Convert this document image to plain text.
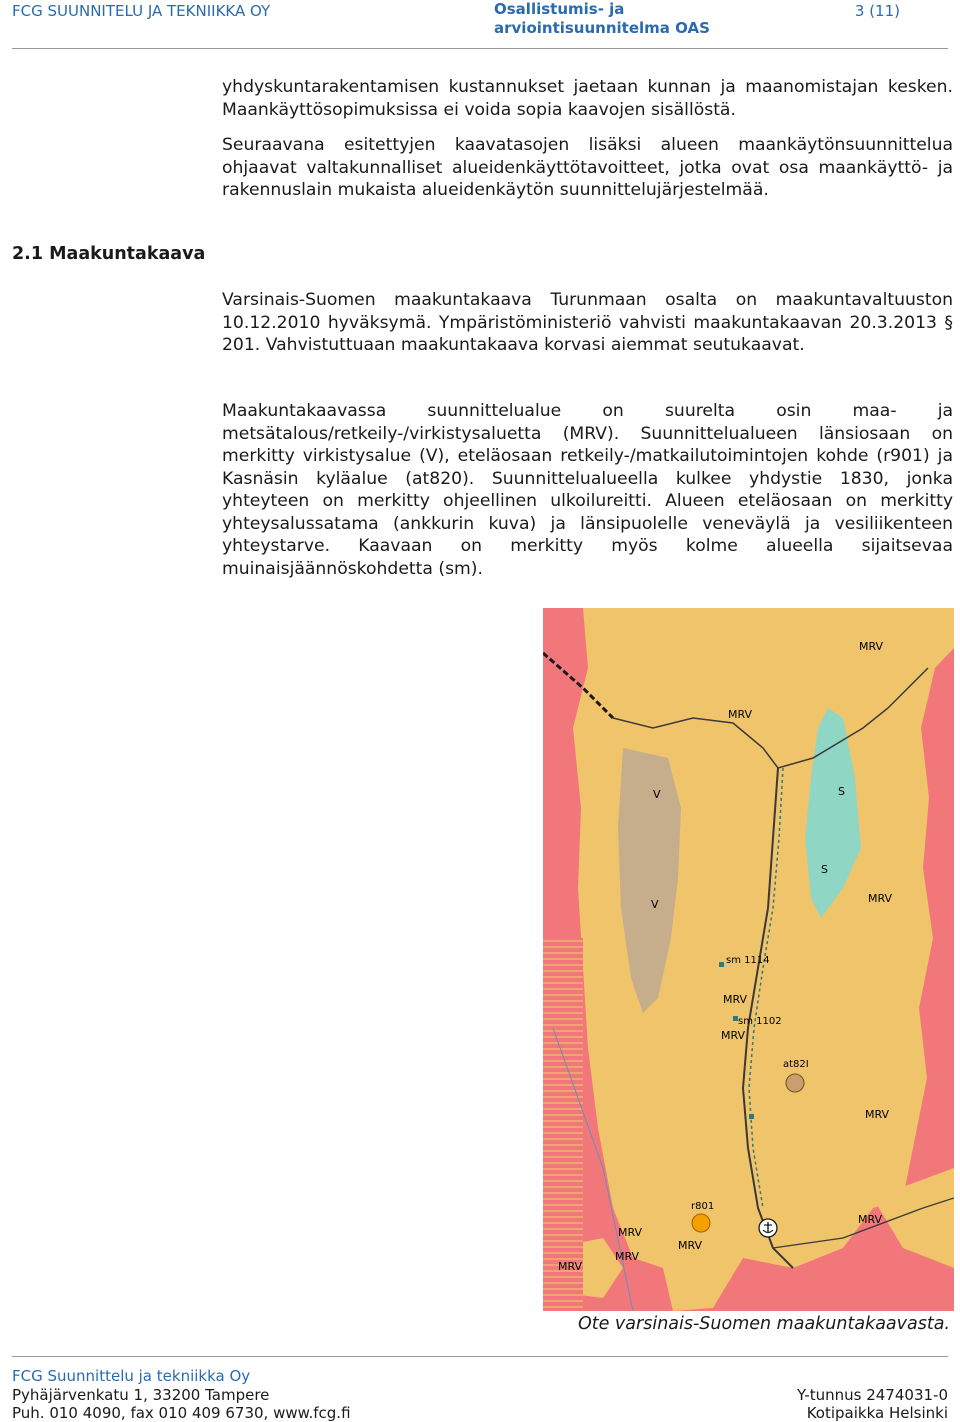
FCG SUUNNITELU JA TEKNIIKKA OY	Osallistumis- ja
arviointisuunnitelma OAS
3 (11)

yhdyskuntarakentamisen kustannukset jaetaan kunnan ja maanomistajan kesken. Maankäyttösopimuksissa ei voida sopia kaavojen sisällöstä.

Seuraavana esitettyjen kaavatasojen lisäksi alueen maankäytönsuunnittelua ohjaavat valtakunnalliset alueidenkäyttötavoitteet, jotka ovat osa maankäyttö- ja rakennuslain mukaista alueidenkäytön suunnittelujärjestelmää.

2.1 Maakuntakaava

Varsinais-Suomen maakuntakaava Turunmaan osalta on maakuntavaltuuston 10.12.2010 hyväksymä. Ympäristöministeriö vahvisti maakuntakaavan 20.3.2013 § 201. Vahvistuttuaan maakuntakaava korvasi aiemmat seutukaavat.

Maakuntakaavassa suunnittelualue on suurelta osin maa- ja metsätalous/retkeily-/virkistysaluetta (MRV). Suunnittelualueen länsiosaan on merkitty virkistysalue (V), eteläosaan retkeily-/matkailutoimintojen kohde (r901) ja Kasnäsin kyläalue (at820). Suunnittelualueella kulkee yhdystie 1830, jonka yhteyteen on merkitty ohjeellinen ulkoilureitti. Alueen eteläosaan on merkitty yhteysalussatama (ankkurin kuva) ja länsipuolelle veneväylä ja vesiliikenteen yhteystarve. Kaavaan on merkitty myös kolme alueella sijaitsevaa muinaisjäännöskohdetta (sm).

MRV
MRV
MRV
MRV
MRV
MRV
MRV
MRV
MRV
MRV
MRV
V
V
S
S
sm 1114
sm 1102
at82I
r801
Ote varsinais-Suomen maakuntakaavasta.
FCG Suunnittelu ja tekniikka Oy
Pyhäjärvenkatu 1, 33200 Tampere
Puh. 010 4090, fax 010 409 6730, www.fcg.fi
Y-tunnus 2474031-0
Kotipaikka Helsinki
